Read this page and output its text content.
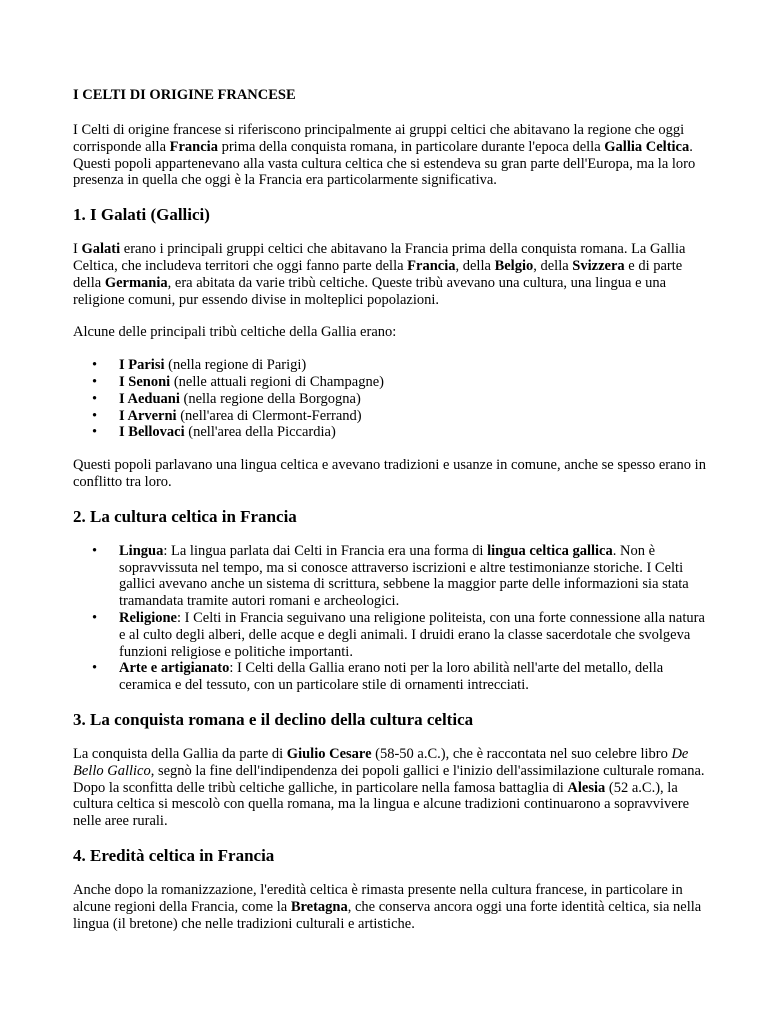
I CELTI DI ORIGINE FRANCESE

I Celti di origine francese si riferiscono principalmente ai gruppi celtici che abitavano la regione che oggi corrisponde alla Francia prima della conquista romana, in particolare durante l'epoca della Gallia Celtica. Questi popoli appartenevano alla vasta cultura celtica che si estendeva su gran parte dell'Europa, ma la loro presenza in quella che oggi è la Francia era particolarmente significativa.

1. I Galati (Gallici)

I Galati erano i principali gruppi celtici che abitavano la Francia prima della conquista romana. La Gallia Celtica, che includeva territori che oggi fanno parte della Francia, della Belgio, della Svizzera e di parte della Germania, era abitata da varie tribù celtiche. Queste tribù avevano una cultura, una lingua e una religione comuni, pur essendo divise in molteplici popolazioni.

Alcune delle principali tribù celtiche della Gallia erano:

• I Parisi (nella regione di Parigi)
• I Senoni (nelle attuali regioni di Champagne)
• I Aeduani (nella regione della Borgogna)
• I Arverni (nell'area di Clermont-Ferrand)
• I Bellovaci (nell'area della Piccardia)

Questi popoli parlavano una lingua celtica e avevano tradizioni e usanze in comune, anche se spesso erano in conflitto tra loro.

2. La cultura celtica in Francia
• Lingua: La lingua parlata dai Celti in Francia era una forma di lingua celtica gallica. Non è sopravvissuta nel tempo, ma si conosce attraverso iscrizioni e altre testimonianze storiche. I Celti gallici avevano anche un sistema di scrittura, sebbene la maggior parte delle informazioni sia stata tramandata tramite autori romani e archeologici.
• Religione: I Celti in Francia seguivano una religione politeista, con una forte connessione alla natura e al culto degli alberi, delle acque e degli animali. I druidi erano la classe sacerdotale che svolgeva funzioni religiose e politiche importanti.
• Arte e artigianato: I Celti della Gallia erano noti per la loro abilità nell'arte del metallo, della ceramica e del tessuto, con un particolare stile di ornamenti intrecciati.
3. La conquista romana e il declino della cultura celtica

La conquista della Gallia da parte di Giulio Cesare (58-50 a.C.), che è raccontata nel suo celebre libro De Bello Gallico, segnò la fine dell'indipendenza dei popoli gallici e l'inizio dell'assimilazione culturale romana. Dopo la sconfitta delle tribù celtiche galliche, in particolare nella famosa battaglia di Alesia (52 a.C.), la cultura celtica si mescolò con quella romana, ma la lingua e alcune tradizioni continuarono a sopravvivere nelle aree rurali.

4. Eredità celtica in Francia

Anche dopo la romanizzazione, l'eredità celtica è rimasta presente nella cultura francese, in particolare in alcune regioni della Francia, come la Bretagna, che conserva ancora oggi una forte identità celtica, sia nella lingua (il bretone) che nelle tradizioni culturali e artistiche.
